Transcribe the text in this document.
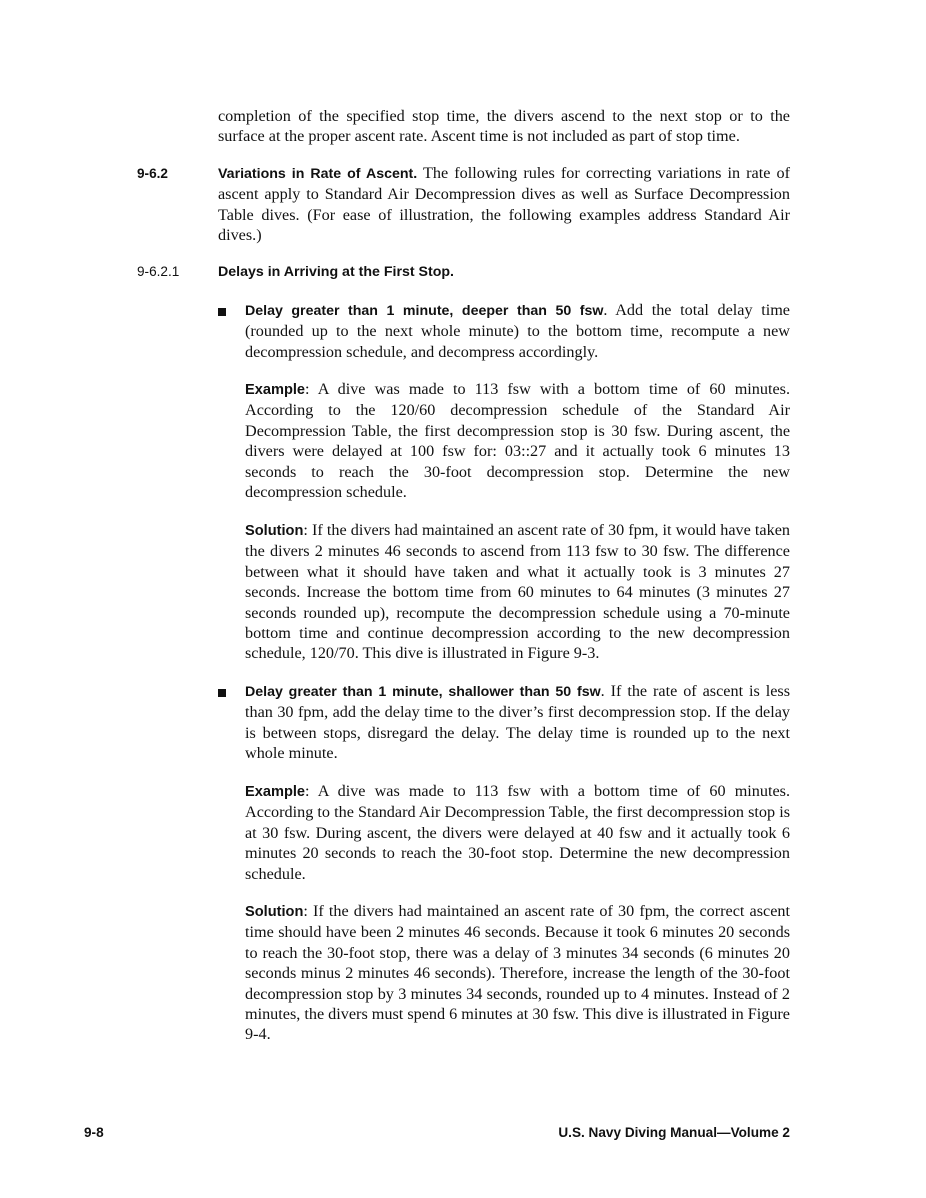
completion of the specified stop time, the divers ascend to the next stop or to the surface at the proper ascent rate. Ascent time is not included as part of stop time.

9-6.2	Variations in Rate of Ascent. The following rules for correcting variations in rate of ascent apply to Standard Air Decompression dives as well as Surface Decompression Table dives. (For ease of illustration, the following examples address Standard Air dives.)

9-6.2.1	Delays in Arriving at the First Stop.

Delay greater than 1 minute, deeper than 50 fsw. Add the total delay time (rounded up to the next whole minute) to the bottom time, recompute a new decompression schedule, and decompress accordingly.

Example: A dive was made to 113 fsw with a bottom time of 60 minutes. According to the 120/60 decompression schedule of the Standard Air Decompression Table, the first decompression stop is 30 fsw. During ascent, the divers were delayed at 100 fsw for: 03::27 and it actually took 6 minutes 13 seconds to reach the 30-foot decompression stop. Determine the new decompression schedule.

Solution: If the divers had maintained an ascent rate of 30 fpm, it would have taken the divers 2 minutes 46 seconds to ascend from 113 fsw to 30 fsw. The difference between what it should have taken and what it actually took is 3 minutes 27 seconds. Increase the bottom time from 60 minutes to 64 minutes (3 minutes 27 seconds rounded up), recompute the decompression schedule using a 70-minute bottom time and continue decompression according to the new decompression schedule, 120/70. This dive is illustrated in Figure 9-3.

Delay greater than 1 minute, shallower than 50 fsw. If the rate of ascent is less than 30 fpm, add the delay time to the diver’s first decompression stop. If the delay is between stops, disregard the delay. The delay time is rounded up to the next whole minute.

Example: A dive was made to 113 fsw with a bottom time of 60 minutes. According to the Standard Air Decompression Table, the first decompression stop is at 30 fsw. During ascent, the divers were delayed at 40 fsw and it actually took 6 minutes 20 seconds to reach the 30-foot stop. Determine the new decompression schedule.

Solution: If the divers had maintained an ascent rate of 30 fpm, the correct ascent time should have been 2 minutes 46 seconds. Because it took 6 minutes 20 seconds to reach the 30-foot stop, there was a delay of 3 minutes 34 seconds (6 minutes 20 seconds minus 2 minutes 46 seconds). Therefore, increase the length of the 30-foot decompression stop by 3 minutes 34 seconds, rounded up to 4 minutes. Instead of 2 minutes, the divers must spend 6 minutes at 30 fsw. This dive is illustrated in Figure 9-4.

9-8	U.S. Navy Diving Manual—Volume 2
